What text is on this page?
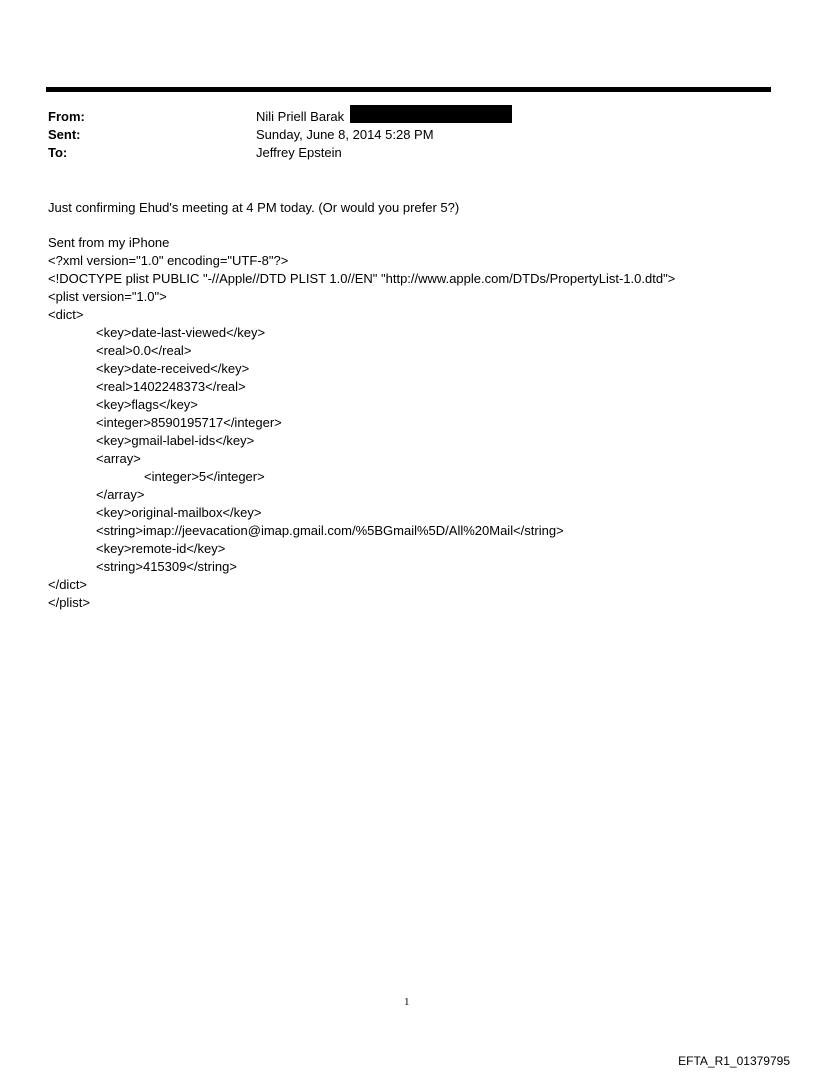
From:	Nili Priell Barak
Sent:	Sunday, June 8, 2014 5:28 PM
To:	Jeffrey Epstein
Just confirming Ehud's meeting at 4 PM today. (Or would you prefer 5?)
Sent from my iPhone
<?xml version="1.0" encoding="UTF-8"?>
<!DOCTYPE plist PUBLIC "-//Apple//DTD PLIST 1.0//EN" "http://www.apple.com/DTDs/PropertyList-1.0.dtd">
<plist version="1.0">
<dict>
<key>date-last-viewed</key>
<real>0.0</real>
<key>date-received</key>
<real>1402248373</real>
<key>flags</key>
<integer>8590195717</integer>
<key>gmail-label-ids</key>
<array>
<integer>5</integer>
</array>
<key>original-mailbox</key>
<string>imap://jeevacation@imap.gmail.com/%5BGmail%5D/All%20Mail</string>
<key>remote-id</key>
<string>415309</string>
</dict>
</plist>
1
EFTA_R1_01379795
